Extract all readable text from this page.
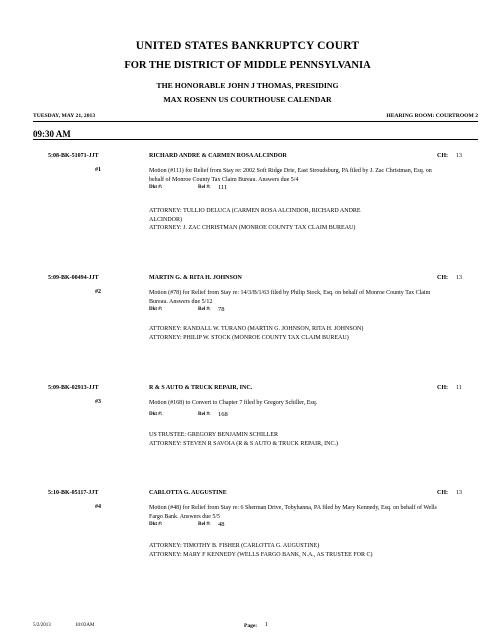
UNITED STATES BANKRUPTCY COURT
FOR THE DISTRICT OF MIDDLE PENNSYLVANIA
THE HONORABLE JOHN J THOMAS, PRESIDING
MAX ROSENN US COURTHOUSE CALENDAR
TUESDAY, MAY 21, 2013	HEARING ROOM: COURTROOM 2
09:30 AM
5:08-BK-51071-JJT	RICHARD ANDRE & CARMEN ROSA ALCINDOR	CH: 13
#1	Motion (#111) for Relief from Stay re: 2002 Soft Ridge Drie, East Stroudsburg, PA filed by J. Zac Christman, Esq. on behalf of Monroe County Tax Claim Bureau. Answers due 5/4
Dkt #:	Rel #: 111
ATTORNEY: TULLIO DELUCA (CARMEN ROSA ALCINDOR, RICHARD ANDRE
ALCINDOR)
ATTORNEY: J. ZAC CHRISTMAN (MONROE COUNTY TAX CLAIM BUREAU)
5:09-BK-00494-JJT	MARTIN G. & RITA H. JOHNSON	CH: 13
#2	Motion (#78) for Relief from Stay re: 14/3/B/1/63 filed by Philip Stock, Esq. on behalf of Monroe County Tax Claim Bureau. Answers due 5/12
Dkt #:	Rel #: 78
ATTORNEY: RANDALL W. TURANO (MARTIN G. JOHNSON, RITA H. JOHNSON)
ATTORNEY: PHILIP W. STOCK (MONROE COUNTY TAX CLAIM BUREAU)
5:09-BK-02913-JJT	R & S AUTO & TRUCK REPAIR, INC.	CH: 11
#3	Motion (#168) to Convert to Chapter 7 filed by Gregory Schiller, Esq.
Dkt #:	Rel #: 168
US TRUSTEE: GREGORY BENJAMIN SCHILLER
ATTORNEY: STEVEN R SAVOIA (R & S AUTO & TRUCK REPAIR, INC.)
5:10-BK-05117-JJT	CARLOTTA G. AUGUSTINE	CH: 13
#4	Motion (#48) for Relief from Stay re: 6 Sherman Drive, Tobyhanna, PA filed by Mary Kennedy, Esq. on behalf of Wells Fargo Bank. Answers due 5/5
Dkt #:	Rel #: 48
ATTORNEY: TIMOTHY B. FISHER (CARLOTTA G. AUGUSTINE)
ATTORNEY: MARY F KENNEDY (WELLS FARGO BANK, N.A., AS TRUSTEE FOR C)
5/2/2013	10:03AM	Page: 1
